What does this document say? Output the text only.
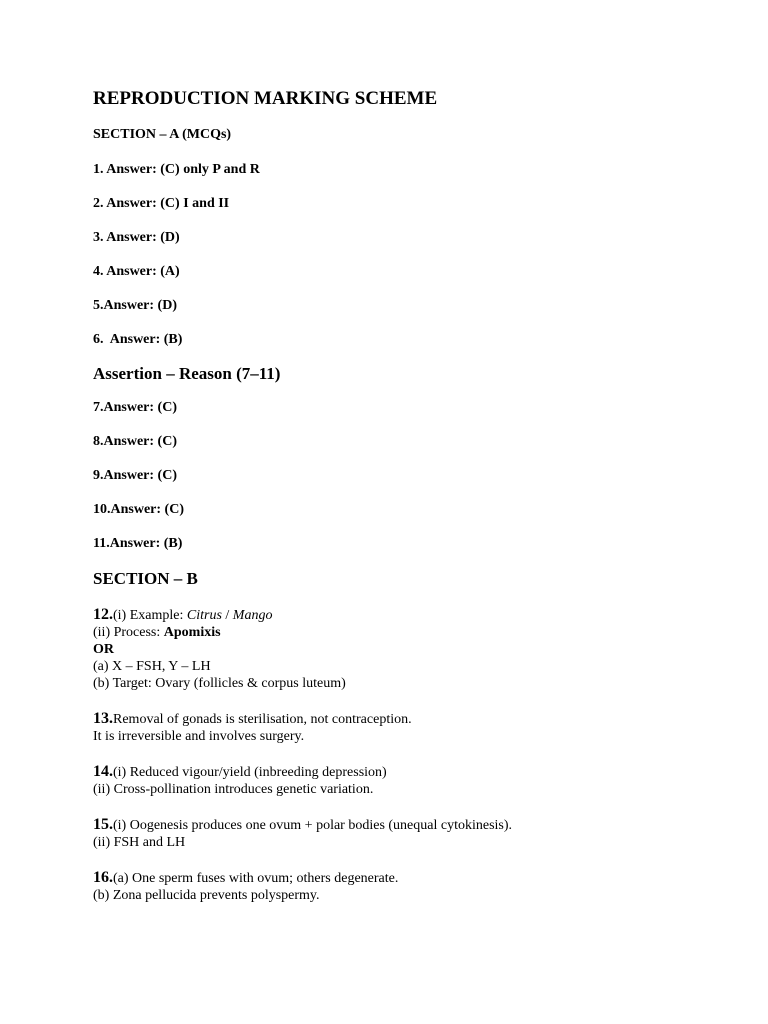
REPRODUCTION MARKING SCHEME
SECTION – A (MCQs)
1. Answer: (C) only P and R
2. Answer: (C) I and II
3. Answer: (D)
4. Answer: (A)
5.Answer: (D)
6.  Answer: (B)
Assertion – Reason (7–11)
7.Answer: (C)
8.Answer: (C)
9.Answer: (C)
10.Answer: (C)
11.Answer: (B)
SECTION – B
12.(i) Example: Citrus / Mango
(ii) Process: Apomixis
OR
(a) X – FSH, Y – LH
(b) Target: Ovary (follicles & corpus luteum)
13.Removal of gonads is sterilisation, not contraception.
It is irreversible and involves surgery.
14.(i) Reduced vigour/yield (inbreeding depression)
(ii) Cross-pollination introduces genetic variation.
15.(i) Oogenesis produces one ovum + polar bodies (unequal cytokinesis).
(ii) FSH and LH
16.(a) One sperm fuses with ovum; others degenerate.
(b) Zona pellucida prevents polyspermy.
